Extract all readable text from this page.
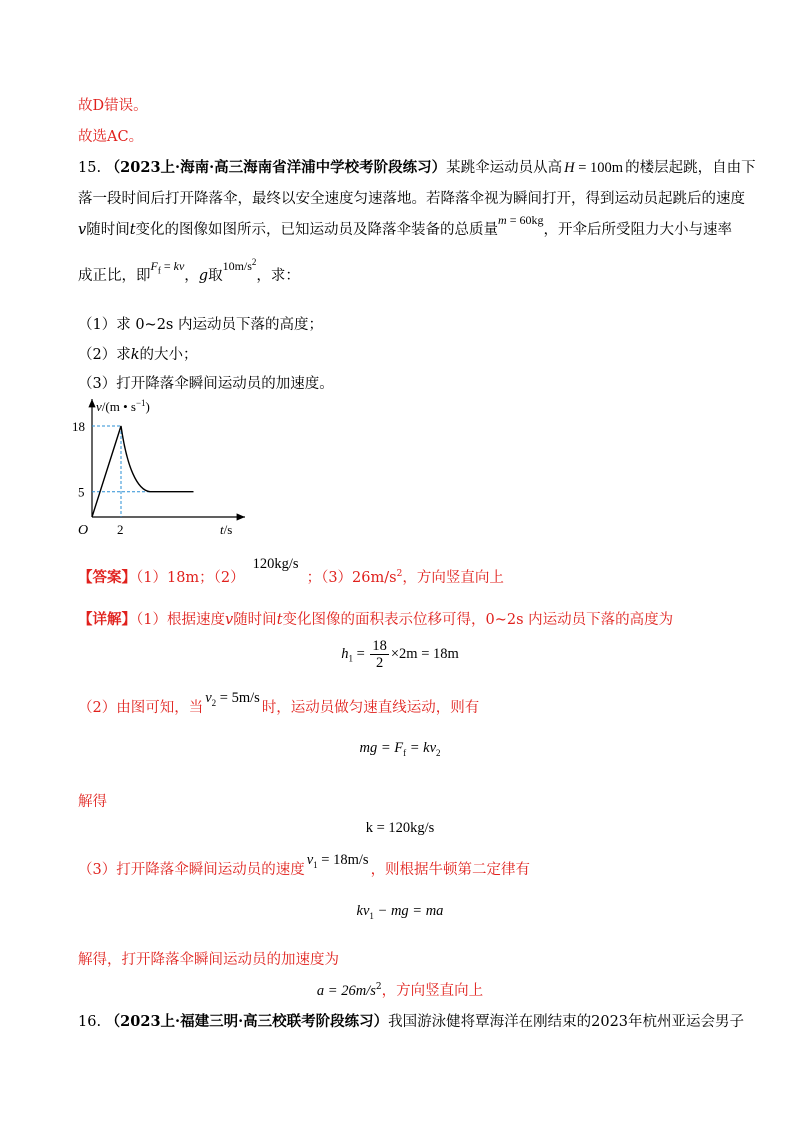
故D错误。
故选AC。
15. （2023上·海南·高三海南省洋浦中学校考阶段练习）某跳伞运动员从高 H = 100m 的楼层起跳，自由下
落一段时间后打开降落伞，最终以安全速度匀速落地。若降落伞视为瞬间打开，得到运动员起跳后的速度
v随时间t变化的图像如图所示，已知运动员及降落伞装备的总质量$^{m = 60kg}$，开伞后所受阻力大小与速率
成正比，即$^{F_f = kv}$，g取$^{10m/s^2}$，求：
（1）求 0~2s 内运动员下落的高度；
（2）求k的大小；
（3）打开降落伞瞬间运动员的加速度。
v/(m • $s^{-1}$)
18
5
O 2	t/s
【答案】（1）18m；（2）120kg/s；$(3)26m/s^2$，方向竖直向上
【详解】（1）根据速度v随时间t变化图像的面积表示位移可得，0~2s 内运动员下落的高度为
$h_1 = \frac{18}{2} \times 2m = 18m$
（2）由图可知，当$v_2 = 5m/s$时，运动员做匀速直线运动，则有
mg = $F_f = kv_2$
解得
k = 120kg/s
（3）打开降落伞瞬间运动员的速度$v_1 = 18m/s$，则根据牛顿第二定律有
$kv_1$ − mg = ma
解得，打开降落伞瞬间运动员的加速度为
$a = 26m/s^2$，方向竖直向上
16. （2023上·福建三明·高三校联考阶段练习）我国游泳健将覃海洋在刚结束的2023年杭州亚运会男子
